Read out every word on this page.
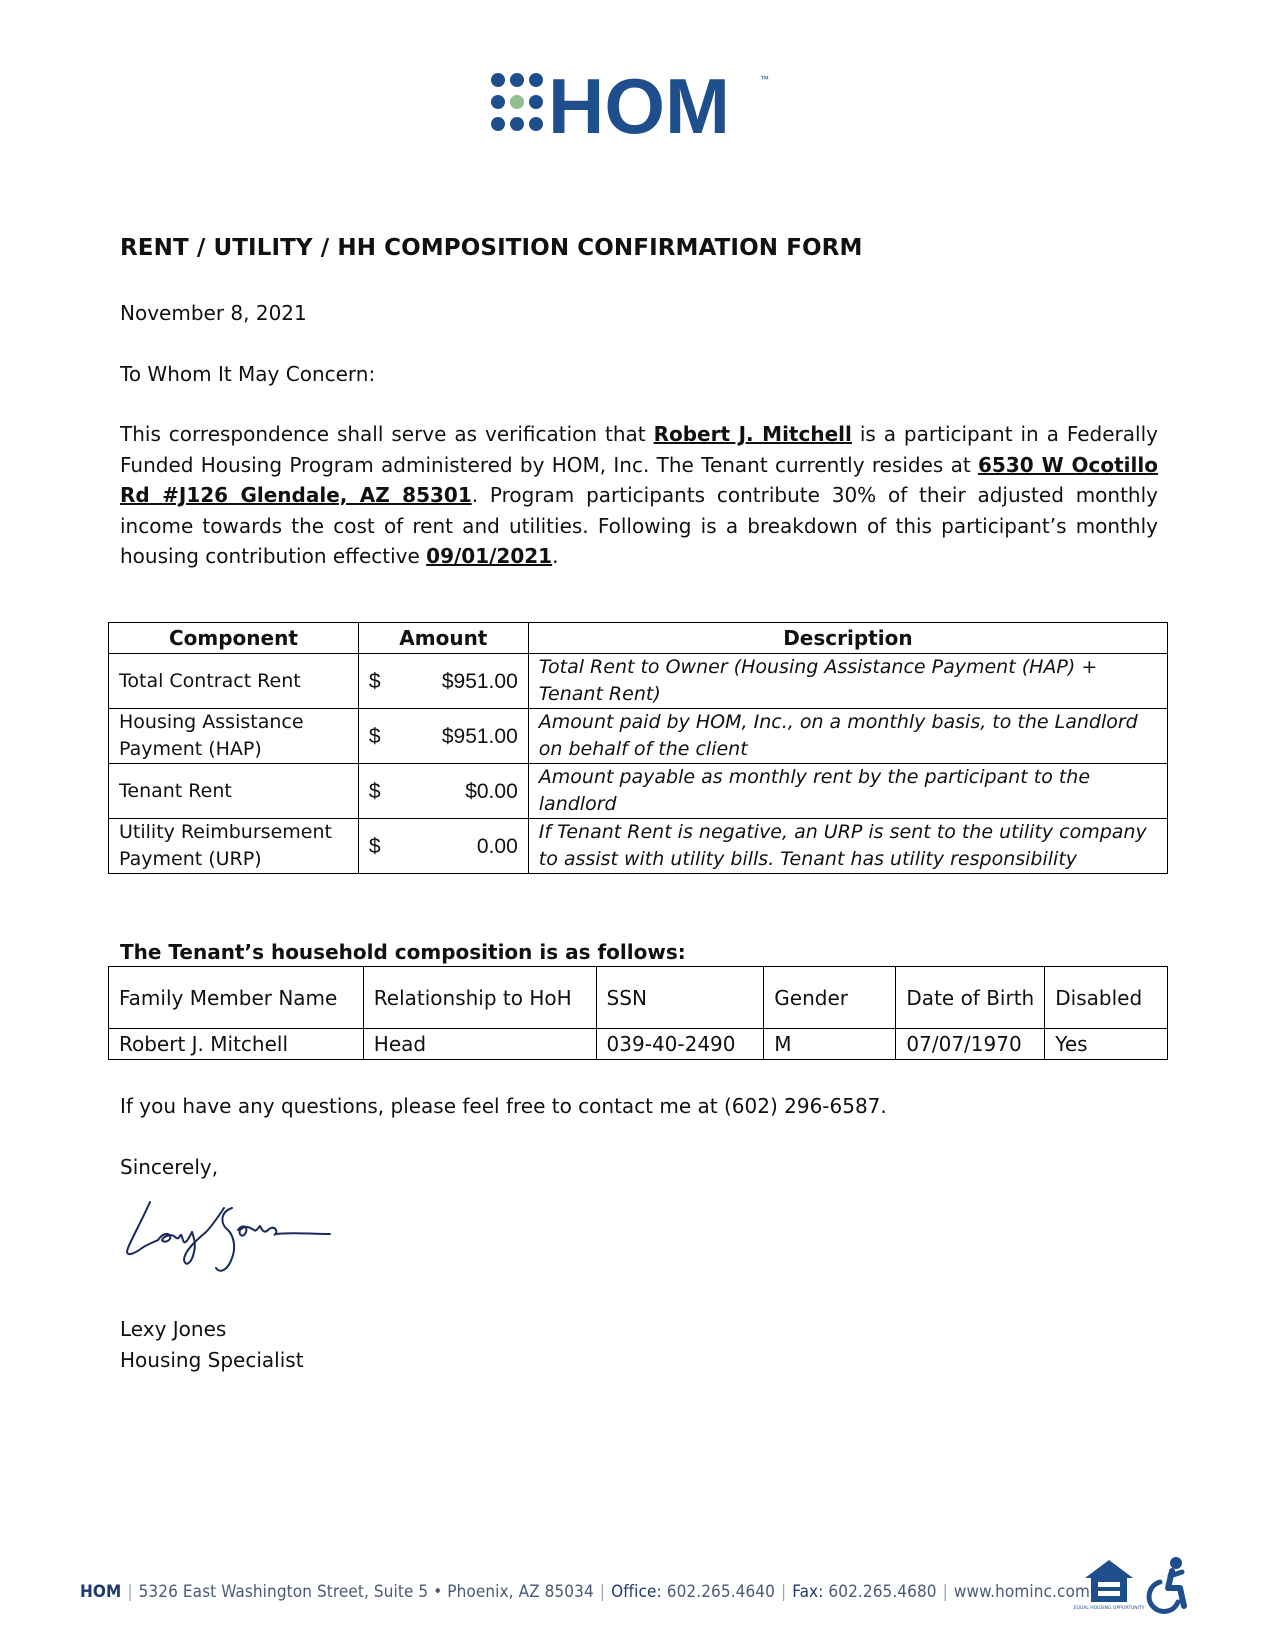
HOM	™
RENT / UTILITY / HH COMPOSITION CONFIRMATION FORM
November 8, 2021
To Whom It May Concern:
This correspondence shall serve as verification that Robert J. Mitchell is a participant in a Federally Funded Housing Program administered by HOM, Inc. The Tenant currently resides at 6530 W Ocotillo Rd #J126 Glendale, AZ 85301. Program participants contribute 30% of their adjusted monthly income towards the cost of rent and utilities. Following is a breakdown of this participant’s monthly housing contribution effective 09/01/2021.
Component	Amount	Description
Total Contract Rent	$ $951.00	Total Rent to Owner (Housing Assistance Payment (HAP) + Tenant Rent)
Housing Assistance Payment (HAP)	$ $951.00	Amount paid by HOM, Inc., on a monthly basis, to the Landlord on behalf of the client
Tenant Rent	$ $0.00	Amount payable as monthly rent by the participant to the landlord
Utility Reimbursement Payment (URP)	$ 0.00	If Tenant Rent is negative, an URP is sent to the utility company to assist with utility bills. Tenant has utility responsibility
The Tenant’s household composition is as follows:
Family Member Name	Relationship to HoH	SSN	Gender	Date of Birth	Disabled
Robert J. Mitchell	Head	039-40-2490	M	07/07/1970	Yes
If you have any questions, please feel free to contact me at (602) 296-6587.
Sincerely,
Lexy Jones
Housing Specialist
HOM | 5326 East Washington Street, Suite 5 • Phoenix, AZ 85034 | Office: 602.265.4640 | Fax: 602.265.4680 | www.hominc.com
EQUAL HOUSING OPPORTUNITY
